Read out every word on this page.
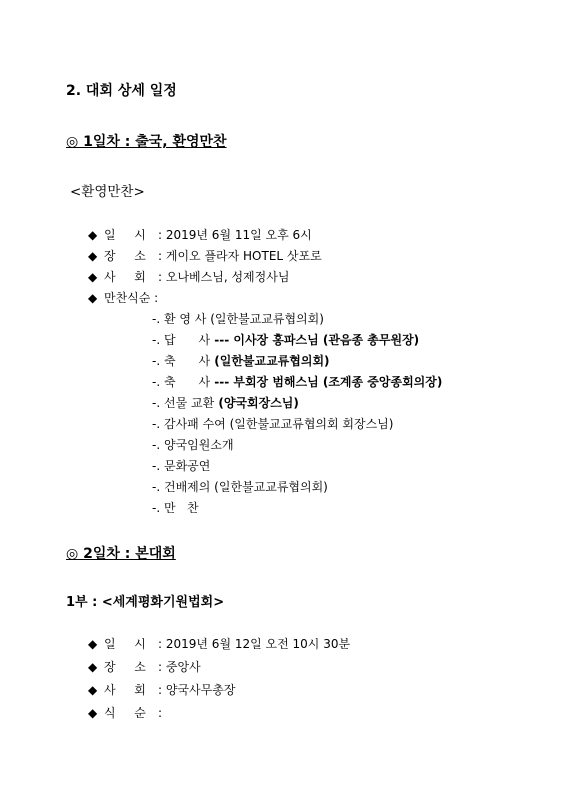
2. 대회 상세 일정
◎ 1일차 : 출국, 환영만찬
<환영만찬>
◆ 일 시 : 2019년 6월 11일 오후 6시
◆ 장 소 : 게이오 플라자 HOTEL 삿포로
◆ 사 회 : 오나베스님, 성제정사님
◆ 만찬식순 :
-. 환 영 사 (일한불교교류협의회)
-. 답      사 --- 이사장 홍파스님 (관음종 총무원장)
-. 축      사 (일한불교교류협의회)
-. 축      사 --- 부회장 범해스님 (조계종 중앙종회의장)
-. 선물 교환 (양국회장스님)
-. 감사패 수여 (일한불교교류협의회 회장스님)
-. 양국임원소개
-. 문화공연
-. 건배제의 (일한불교교류협의회)
-. 만   찬
◎ 2일차 : 본대회
1부 : <세계평화기원법회>
◆ 일 시 : 2019년 6월 12일 오전 10시 30분
◆ 장 소 : 중앙사
◆ 사 회 : 양국사무총장
◆ 식 순 :
